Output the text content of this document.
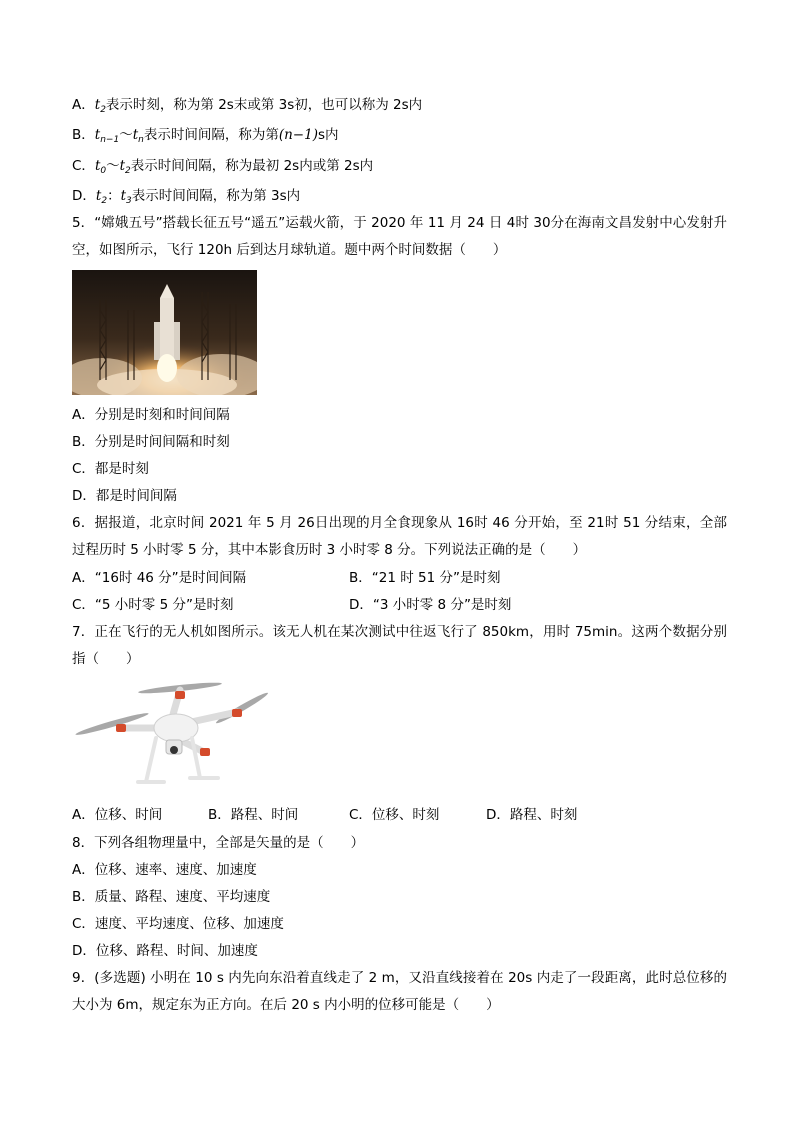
A．$t_2$表示时刻，称为第 2s末或第 3s初，也可以称为 2s内
B．$t_{n-1}\sim t_n$表示时间间隔，称为第(n−1)s内
C．$t_0\sim t_2$表示时间间隔，称为最初 2s内或第 2s内
D．$t_2$：$t_3$表示时间间隔，称为第 3s内
5．“嫦娥五号”搭载长征五号“遥五”运载火箭，于 2020 年 11 月 24 日 4时 30分在海南文昌发射中心发射升空，如图所示，飞行 120h 后到达月球轨道。题中两个时间数据（　　）
A．分别是时刻和时间间隔
B．分别是时间间隔和时刻
C．都是时刻
D．都是时间间隔
6．据报道，北京时间 2021 年 5 月 26日出现的月全食现象从 16时 46 分开始，至 21时 51 分结束，全部过程历时 5 小时零 5 分，其中本影食历时 3 小时零 8 分。下列说法正确的是（　　）
A．“16时 46 分”是时间间隔	B．“21 时 51 分”是时刻
C．“5 小时零 5 分”是时刻	D．“3 小时零 8 分”是时刻
7．正在飞行的无人机如图所示。该无人机在某次测试中往返飞行了 850km，用时 75min。这两个数据分别指（　　）
A．位移、时间	B．路程、时间	C．位移、时刻	D．路程、时刻
8．下列各组物理量中，全部是矢量的是（　　）
A．位移、速率、速度、加速度
B．质量、路程、速度、平均速度
C．速度、平均速度、位移、加速度
D．位移、路程、时间、加速度
9．(多选题) 小明在 10 s 内先向东沿着直线走了 2 m，又沿直线接着在 20s 内走了一段距离，此时总位移的大小为 6m，规定东为正方向。在后 20 s 内小明的位移可能是（　　）
